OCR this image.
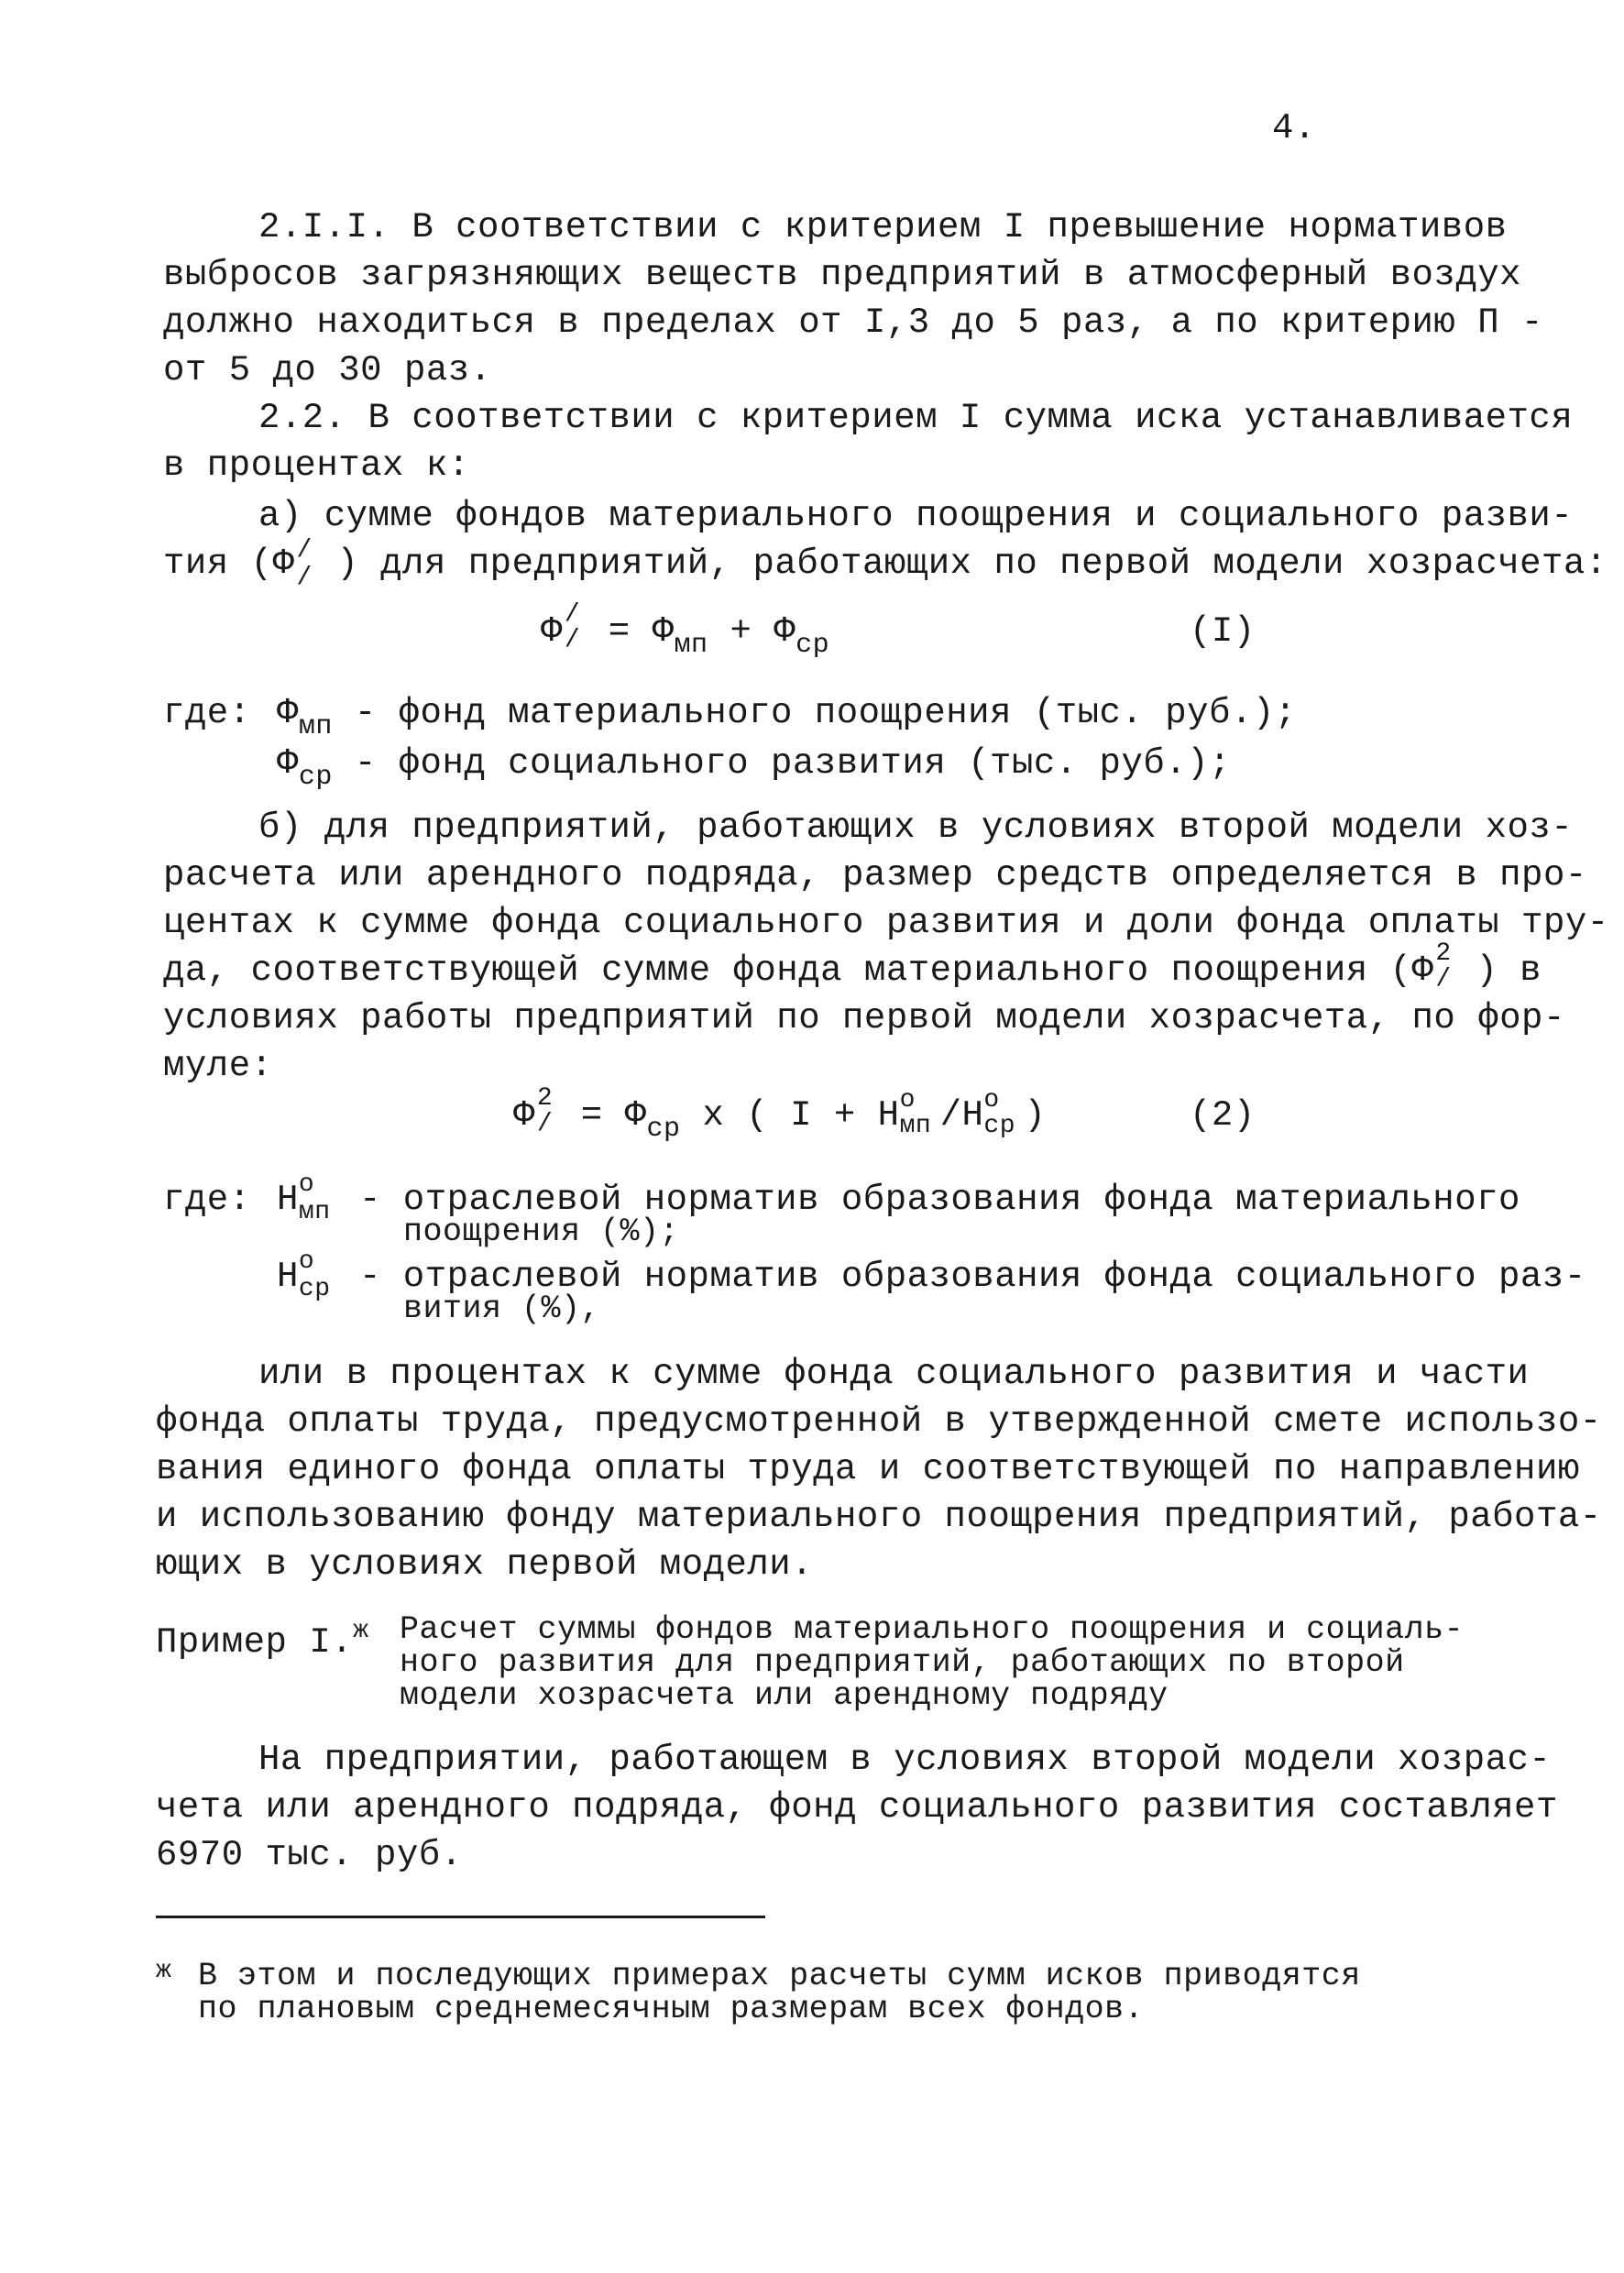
4.
2.I.I. В соответствии с критерием I превышение нормативов
выбросов загрязняющих веществ предприятий в атмосферный воздух
должно находиться в пределах от I,3 до 5 раз, а по критерию П -
от 5 до 30 раз.
2.2. В соответствии с критерием I сумма иска устанавливается
в процентах к:
а) сумме фондов материального поощрения и социального разви-
тия (Ф /
/ ) для предприятий, работающих по первой модели хозрасчета:
Ф /
/ = $Ф_{мп} + Ф_{ср}$	(I)
где: $Ф_{мп}$ - фонд материального поощрения (тыс. руб.);
$Ф_{ср}$ - фонд социального развития (тыс. руб.);
б) для предприятий, работающих в условиях второй модели хоз-
расчета или арендного подряда, размер средств определяется в про-
центах к сумме фонда социального развития и доли фонда оплаты тру-
да, соответствующей сумме фонда материального поощрения (Ф 2
/ ) в
условиях работы предприятий по первой модели хозрасчета, по фор-
муле:
Ф 2
/ = $Ф_{ср}$ x ( I + H о
мп /H о
ср )	(2)
где: H о
мп
- отраслевой норматив образования фонда материального
поощрения (%);
H о
ср
- отраслевой норматив образования фонда социального раз-
вития (%),
или в процентах к сумме фонда социального развития и части
фонда оплаты труда, предусмотренной в утвержденной смете использо-
вания единого фонда оплаты труда и соответствующей по направлению
и использованию фонду материального поощрения предприятий, работа-
ющих в условиях первой модели.
Пример I.$^ж$ Расчет суммы фондов материального поощрения и социаль-
ного развития для предприятий, работающих по второй
модели хозрасчета или арендному подряду
На предприятии, работающем в условиях второй модели хозрас-
чета или арендного подряда, фонд социального развития составляет
6970 тыс. руб.
$^ж$ В этом и последующих примерах расчеты сумм исков приводятся
по плановым среднемесячным размерам всех фондов.
